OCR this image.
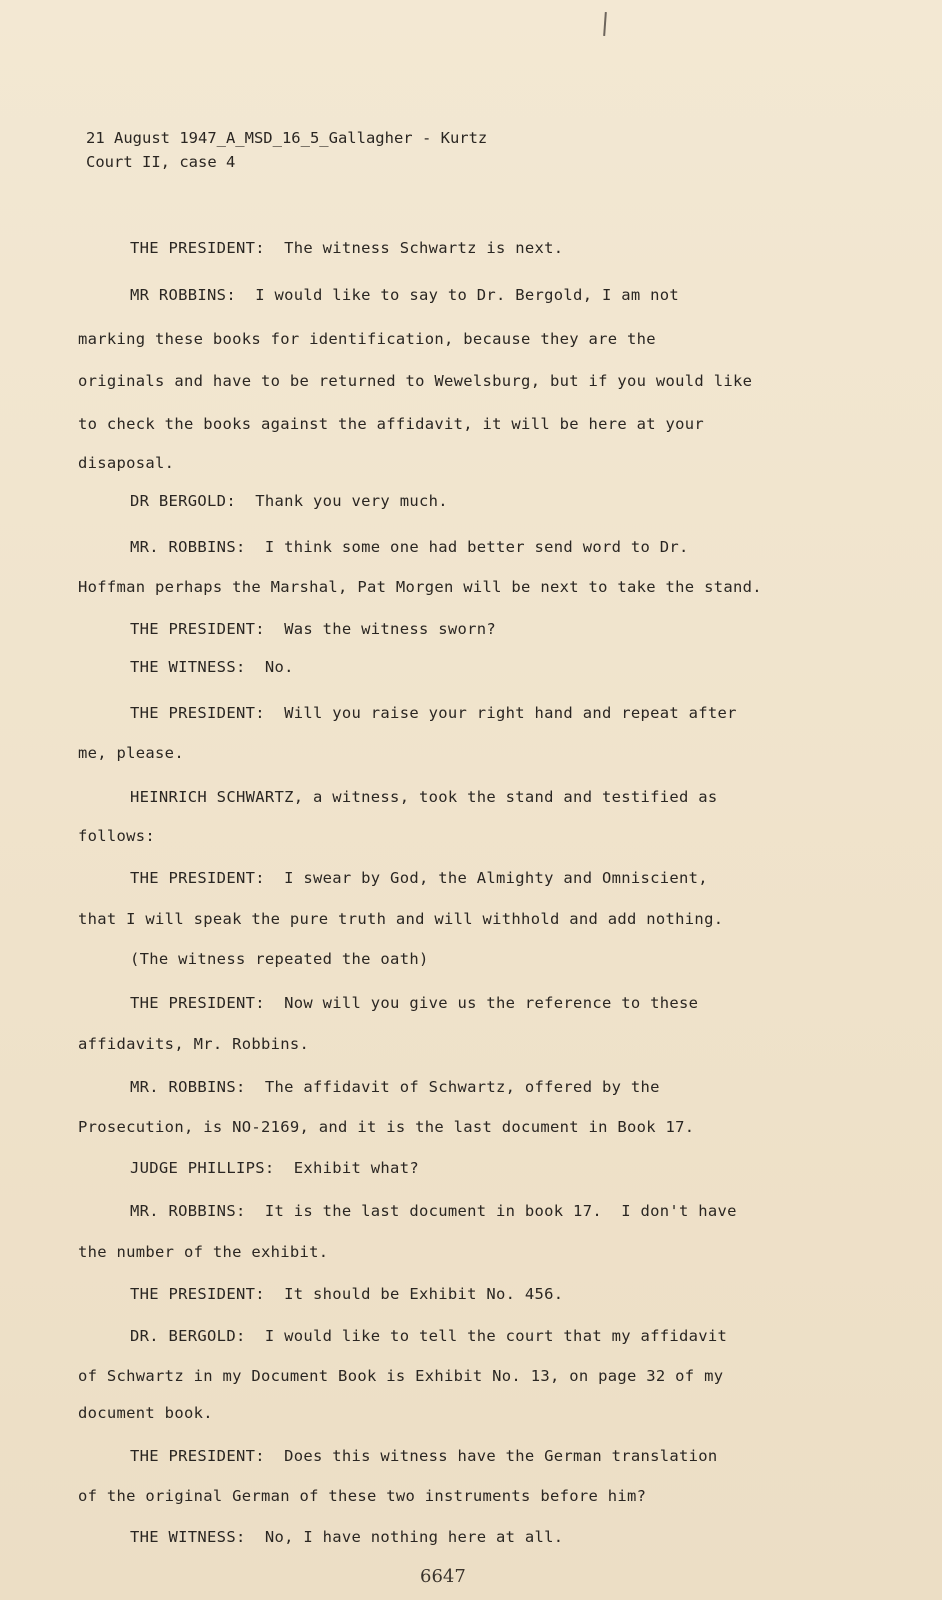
21 August 1947_A_MSD_16_5_Gallagher - Kurtz
Court II, case 4
THE PRESIDENT:  The witness Schwartz is next.
MR ROBBINS:  I would like to say to Dr. Bergold, I am not
marking these books for identification, because they are the
originals and have to be returned to Wewelsburg, but if you would like
to check the books against the affidavit, it will be here at your
disaposal.
DR BERGOLD:  Thank you very much.
MR. ROBBINS:  I think some one had better send word to Dr.
Hoffman perhaps the Marshal, Pat Morgen will be next to take the stand.
THE PRESIDENT:  Was the witness sworn?
THE WITNESS:  No.
THE PRESIDENT:  Will you raise your right hand and repeat after
me, please.
HEINRICH SCHWARTZ, a witness, took the stand and testified as
follows:
THE PRESIDENT:  I swear by God, the Almighty and Omniscient,
that I will speak the pure truth and will withhold and add nothing.
(The witness repeated the oath)
THE PRESIDENT:  Now will you give us the reference to these
affidavits, Mr. Robbins.
MR. ROBBINS:  The affidavit of Schwartz, offered by the
Prosecution, is NO-2169, and it is the last document in Book 17.
JUDGE PHILLIPS:  Exhibit what?
MR. ROBBINS:  It is the last document in book 17.  I don't have
the number of the exhibit.
THE PRESIDENT:  It should be Exhibit No. 456.
DR. BERGOLD:  I would like to tell the court that my affidavit
of Schwartz in my Document Book is Exhibit No. 13, on page 32 of my
document book.
THE PRESIDENT:  Does this witness have the German translation
of the original German of these two instruments before him?
THE WITNESS:  No, I have nothing here at all.
6647
